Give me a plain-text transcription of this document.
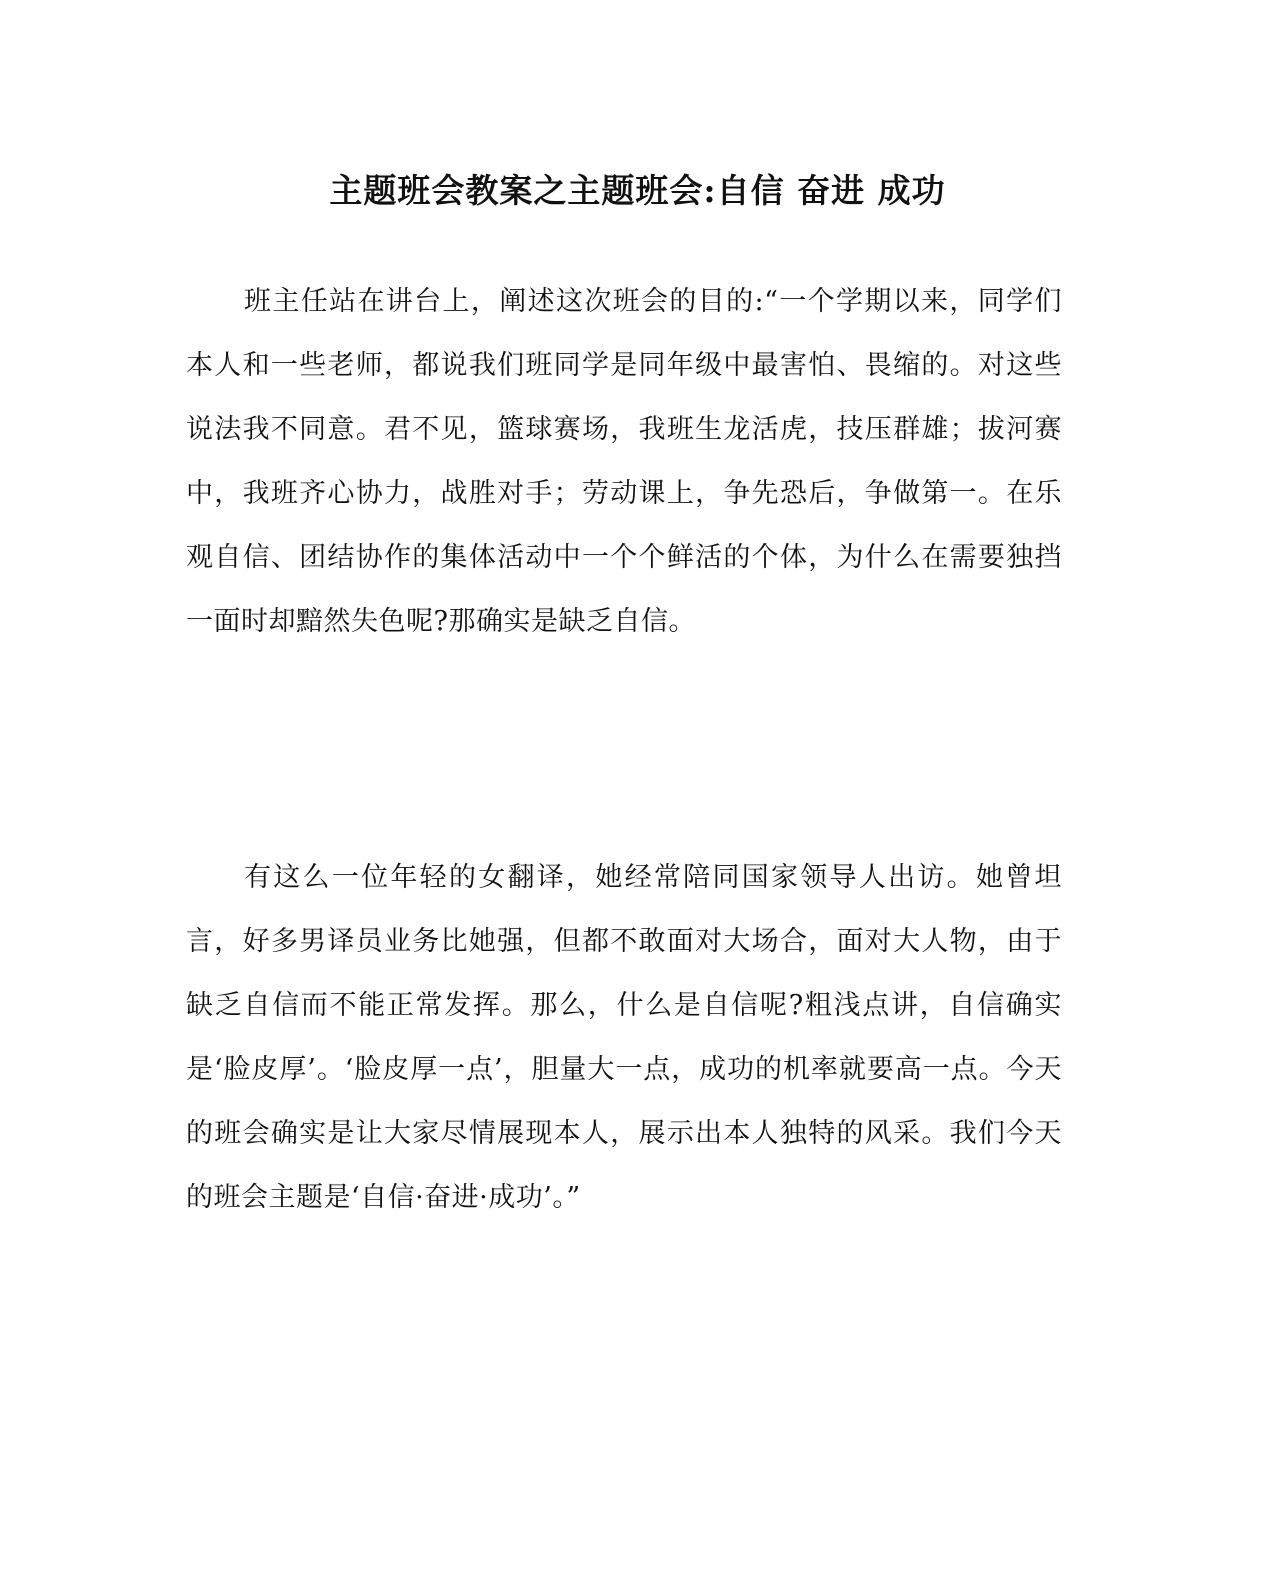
主题班会教案之主题班会:自信 奋进 成功

班主任站在讲台上，阐述这次班会的目的:“一个学期以来，同学们本人和一些老师，都说我们班同学是同年级中最害怕、畏缩的。对这些说法我不同意。君不见，篮球赛场，我班生龙活虎，技压群雄；拔河赛中，我班齐心协力，战胜对手；劳动课上，争先恐后，争做第一。在乐观自信、团结协作的集体活动中一个个鲜活的个体，为什么在需要独挡一面时却黯然失色呢?那确实是缺乏自信。

有这么一位年轻的女翻译，她经常陪同国家领导人出访。她曾坦言，好多男译员业务比她强，但都不敢面对大场合，面对大人物，由于缺乏自信而不能正常发挥。那么，什么是自信呢?粗浅点讲，自信确实是‘脸皮厚’。‘脸皮厚一点’，胆量大一点，成功的机率就要高一点。今天的班会确实是让大家尽情展现本人，展示出本人独特的风采。我们今天的班会主题是‘自信·奋进·成功’。”
